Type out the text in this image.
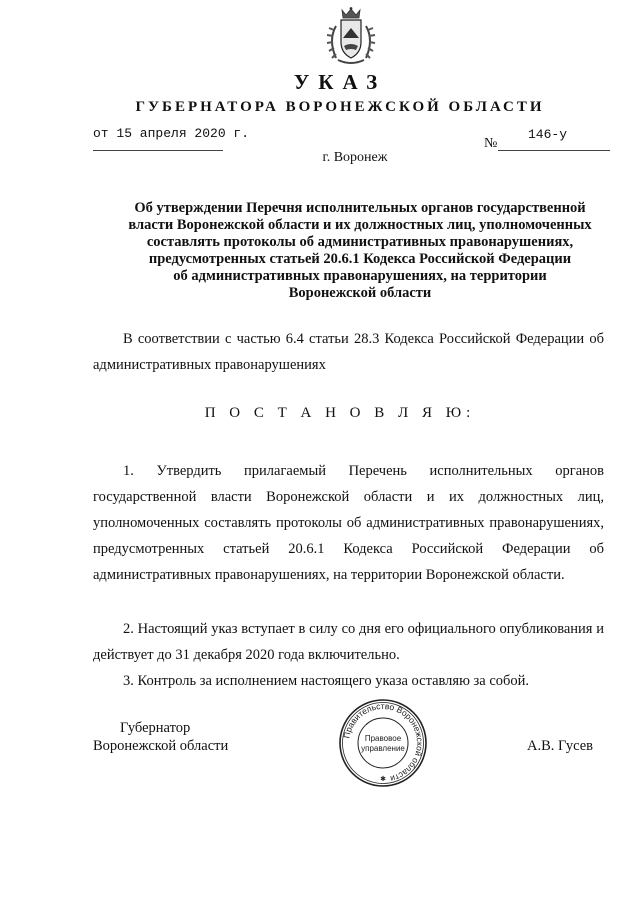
УКАЗ
ГУБЕРНАТОРА ВОРОНЕЖСКОЙ ОБЛАСТИ
от 15 апреля 2020 г.
№
146-у
г. Воронеж
Об утверждении Перечня исполнительных органов государственной
власти Воронежской области и их должностных лиц, уполномоченных
составлять протоколы об административных правонарушениях,
предусмотренных статьей 20.6.1 Кодекса Российской Федерации
об административных правонарушениях, на территории
Воронежской области
В соответствии с частью 6.4 статьи 28.3 Кодекса Российской Федерации об административных правонарушениях
П О С Т А Н О В Л Я Ю:
1. Утвердить прилагаемый Перечень исполнительных органов государственной власти Воронежской области и их должностных лиц, уполномоченных составлять протоколы об административных правонарушениях, предусмотренных статьей 20.6.1 Кодекса Российской Федерации об административных правонарушениях, на территории Воронежской области.
2. Настоящий указ вступает в силу со дня его официального опубликования и действует до 31 декабря 2020 года включительно.
3. Контроль за исполнением настоящего указа оставляю за собой.
Губернатор
Воронежской области	А.В. Гусев
Правительство Воронежской области
Правовое
управление
✱
